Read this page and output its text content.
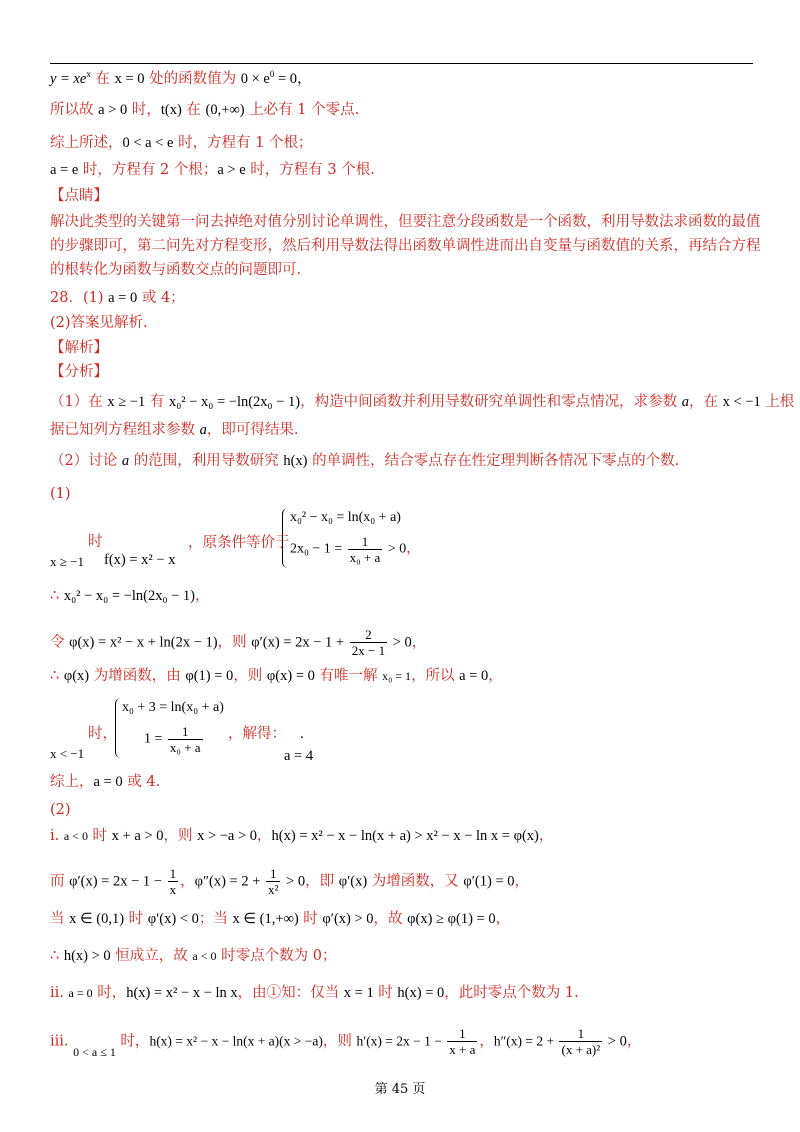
$y = xe^x$ 在 x = 0 处的函数值为 $0 \times e^0 = 0$，
所以故 a > 0 时，t(x) 在 (0,+∞) 上必有 1 个零点.
综上所述，0 < a < e 时，方程有 1 个根；
a = e 时，方程有 2 个根；a > e 时，方程有 3 个根.
【点睛】
解决此类型的关键第一问去掉绝对值分别讨论单调性，但要注意分段函数是一个函数，利用导数法求函数的最值
的步骤即可，第二问先对方程变形，然后利用导数法得出函数单调性进而出自变量与函数值的关系，再结合方程
的根转化为函数与函数交点的问题即可.
28．(1) a = 0 或 4；
(2)答案见解析.
【解析】
【分析】
（1）在 x ≥ −1 有 x₀² − x₀ = −ln(2x₀ − 1)，构造中间函数并利用导数研究单调性和零点情况，求参数 a，在 x < −1 上根
据已知列方程组求参数 a，即可得结果.
（2）讨论 a 的范围，利用导数研究 h(x) 的单调性，结合零点存在性定理判断各情况下零点的个数.
(1)
时
x ≥ −1 f(x) = x² − x
，原条件等价于
x₀² − x₀ = ln(x₀ + a)
$2x_0 - 1 = \frac{1}{\text{x₀ + a}} > 0$，
∴ x₀² − x₀ = −ln(2x₀ − 1)，
令 φ(x) = x² − x + ln(2x − 1)，则 $\varphi'(x) = 2x - 1 + \frac{2}{2x - 1} > 0$，
∴ φ(x) 为增函数，由 φ(1) = 0，则 φ(x) = 0 有唯一解 x₀ = 1，所以 a = 0，
时，
x < −1
x₀ + 3 = ln(x₀ + a)
$1 = \frac{1}{\text{x₀ + a}}$ ，解得： .
a = 4
综上，a = 0 或 4.
(2)
i. a < 0 时 x + a > 0，则 x > −a > 0，h(x) = x² − x − ln(x + a) > x² − x − ln x = φ(x)，
而 $\varphi'(x) = 2x - 1 - \frac{1}{x}$ ，$\varphi''(x) = 2 + \frac{1}{\text{x²}} > 0$，即 φ′(x) 为增函数，又 φ′(1) = 0，
当 x ∈ (0,1) 时 φ′(x) < 0；当 x ∈ (1,+∞) 时 φ′(x) > 0，故 φ(x) ≥ φ(1) = 0，
∴ h(x) > 0 恒成立，故 a < 0 时零点个数为 0；
ii. a = 0 时，h(x) = x² − x − ln x，由①知：仅当 x = 1 时 h(x) = 0，此时零点个数为 1.
iii. $_{0 < a \le 1}$ 时，h(x) = x² − x − ln(x + a)(x > −a)，则 $h'(x) = 2x - 1 - \frac{1}{x + a}$ ，$h''(x) = 2 + \frac{1}{\text{(x + a)²}} > 0$，
第 45 页
